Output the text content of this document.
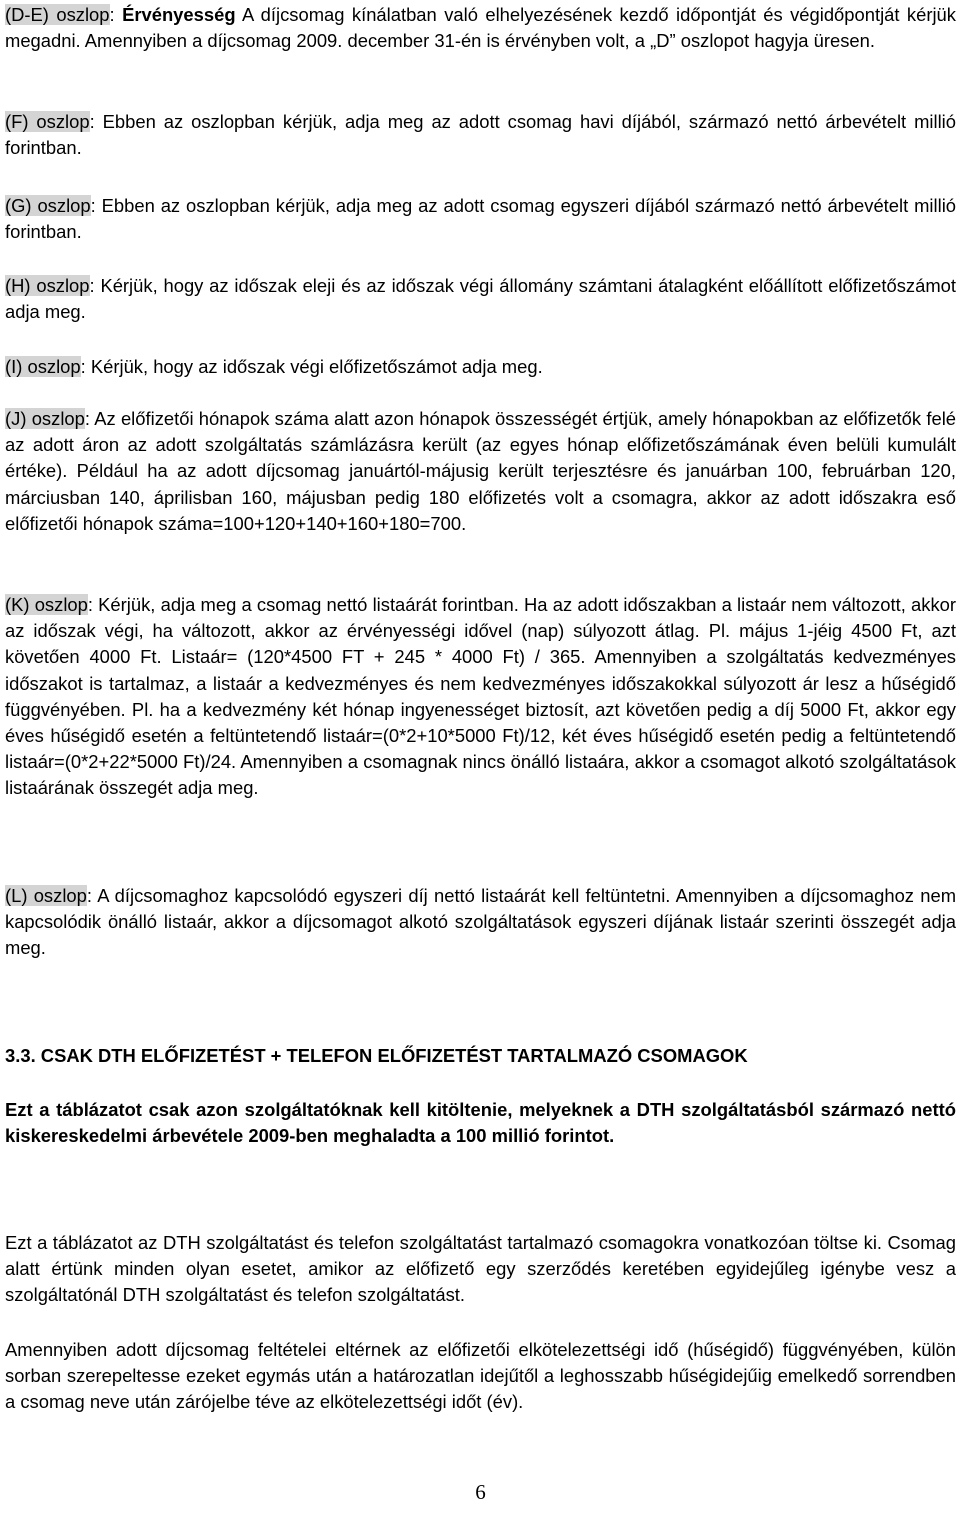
(D-E) oszlop: Érvényesség A díjcsomag kínálatban való elhelyezésének kezdő időpontját és végidőpontját kérjük megadni. Amennyiben a díjcsomag 2009. december 31-én is érvényben volt, a „D” oszlopot hagyja üresen.

(F) oszlop: Ebben az oszlopban kérjük, adja meg az adott csomag havi díjából, származó nettó árbevételt millió forintban.

(G) oszlop: Ebben az oszlopban kérjük, adja meg az adott csomag egyszeri díjából származó nettó árbevételt millió forintban.

(H) oszlop: Kérjük, hogy az időszak eleji és az időszak végi állomány számtani átalagként előállított előfizetőszámot adja meg.

(I) oszlop: Kérjük, hogy az időszak végi előfizetőszámot adja meg.

(J) oszlop: Az előfizetői hónapok száma alatt azon hónapok összességét értjük, amely hónapokban az előfizetők felé az adott áron az adott szolgáltatás számlázásra került (az egyes hónap előfizetőszámának éven belüli kumulált értéke). Például ha az adott díjcsomag januártól-májusig került terjesztésre és januárban 100, februárban 120, márciusban 140, áprilisban 160, májusban pedig 180 előfizetés volt a csomagra, akkor az adott időszakra eső előfizetői hónapok száma=100+120+140+160+180=700.

(K) oszlop: Kérjük, adja meg a csomag nettó listaárát forintban. Ha az adott időszakban a listaár nem változott, akkor az időszak végi, ha változott, akkor az érvényességi idővel (nap) súlyozott átlag. Pl. május 1-jéig 4500 Ft, azt követően 4000 Ft. Listaár= (120*4500 FT + 245 * 4000 Ft) / 365. Amennyiben a szolgáltatás kedvezményes időszakot is tartalmaz, a listaár a kedvezményes és nem kedvezményes időszakokkal súlyozott ár lesz a hűségidő függvényében. Pl. ha a kedvezmény két hónap ingyenességet biztosít, azt követően pedig a díj 5000 Ft, akkor egy éves hűségidő esetén a feltüntetendő listaár=(0*2+10*5000 Ft)/12, két éves hűségidő esetén pedig a feltüntetendő listaár=(0*2+22*5000 Ft)/24. Amennyiben a csomagnak nincs önálló listaára, akkor a csomagot alkotó szolgáltatások listaárának összegét adja meg.

(L) oszlop: A díjcsomaghoz kapcsolódó egyszeri díj nettó listaárát kell feltüntetni. Amennyiben a díjcsomaghoz nem kapcsolódik önálló listaár, akkor a díjcsomagot alkotó szolgáltatások egyszeri díjának listaár szerinti összegét adja meg.

3.3. CSAK DTH ELŐFIZETÉST + TELEFON ELŐFIZETÉST TARTALMAZÓ CSOMAGOK

Ezt a táblázatot csak azon szolgáltatóknak kell kitöltenie, melyeknek a DTH szolgáltatásból származó nettó kiskereskedelmi árbevétele 2009-ben meghaladta a 100 millió forintot.

Ezt a táblázatot az DTH szolgáltatást és telefon szolgáltatást tartalmazó csomagokra vonatkozóan töltse ki. Csomag alatt értünk minden olyan esetet, amikor az előfizető egy szerződés keretében egyidejűleg igénybe vesz a szolgáltatónál DTH szolgáltatást és telefon szolgáltatást.

Amennyiben adott díjcsomag feltételei eltérnek az előfizetői elkötelezettségi idő (hűségidő) függvényében, külön sorban szerepeltesse ezeket egymás után a határozatlan idejűtől a leghosszabb hűségidejűig emelkedő sorrendben a csomag neve után zárójelbe téve az elkötelezettségi időt (év).

6
